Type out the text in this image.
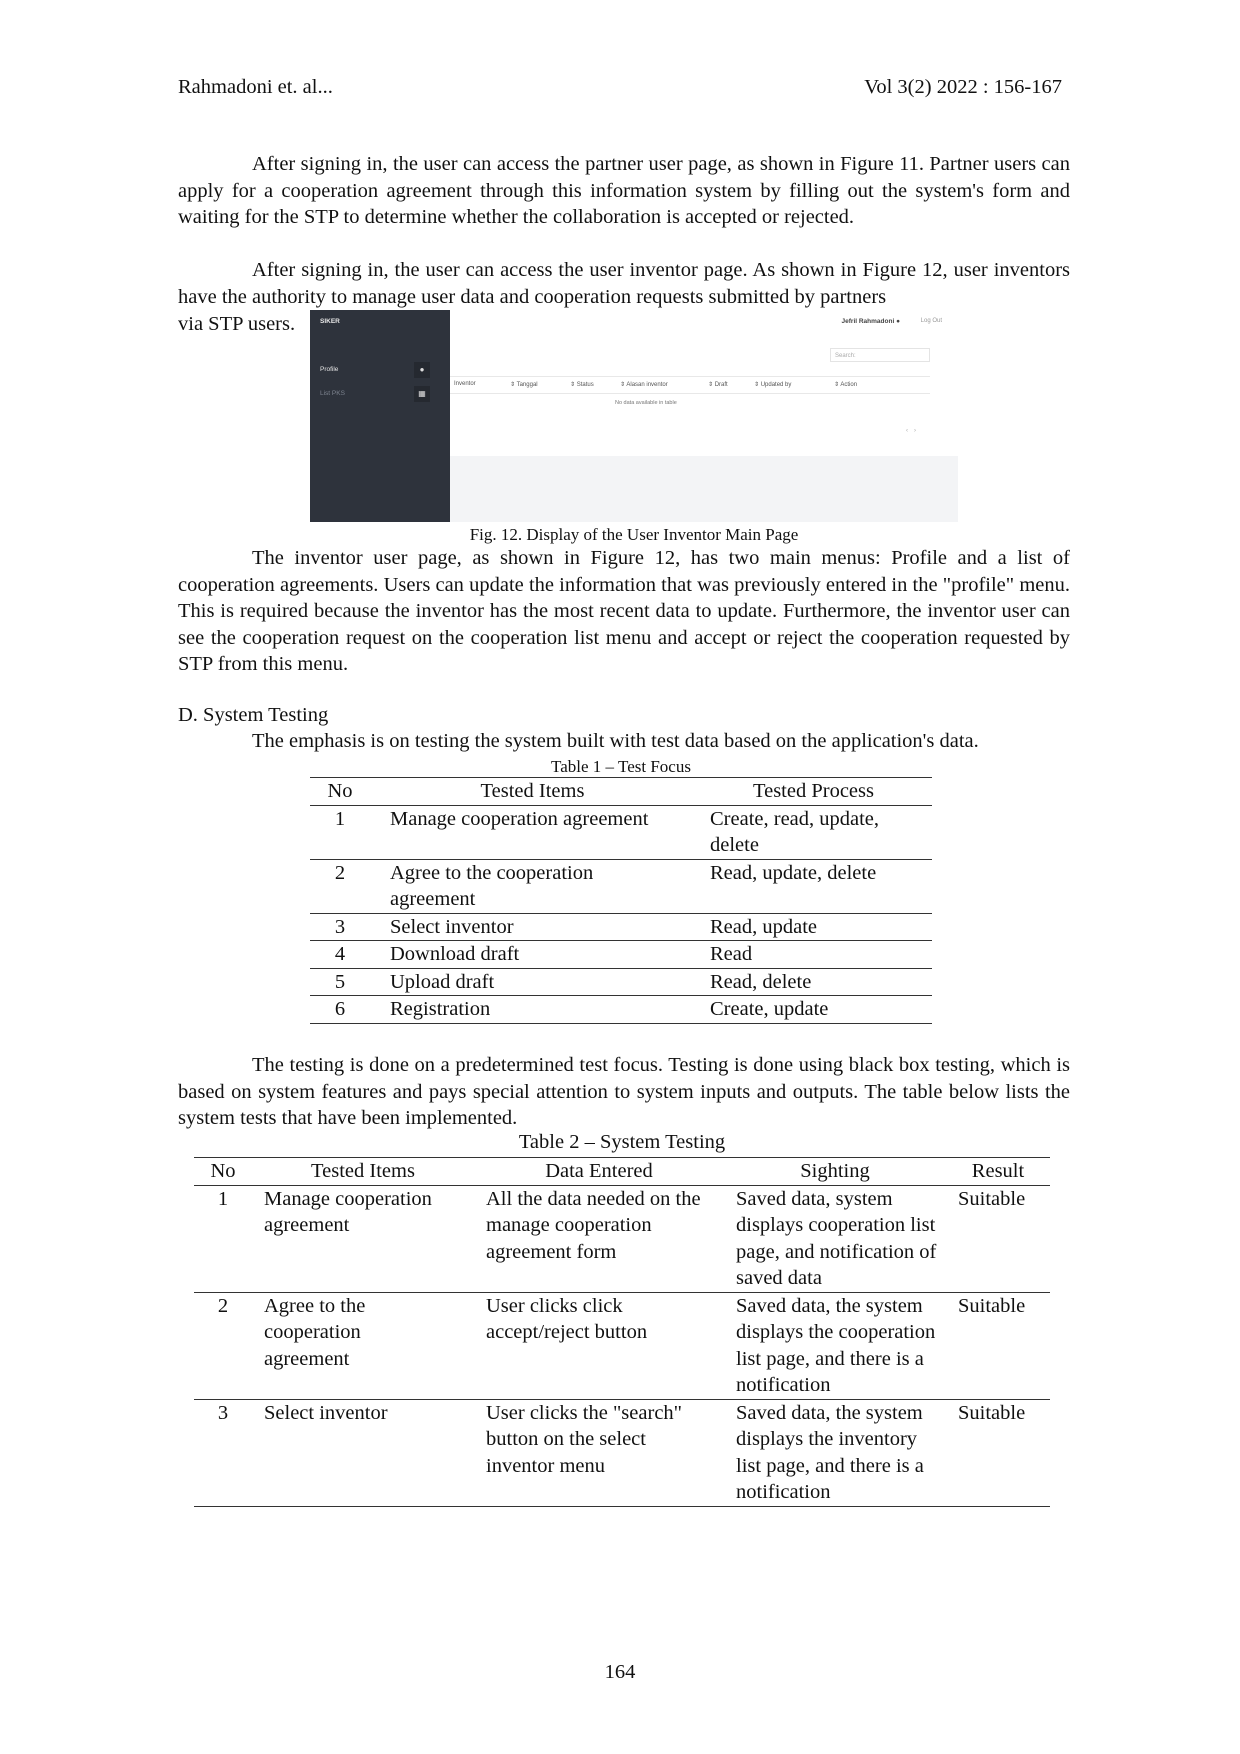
Rahmadoni et. al...	Vol 3(2) 2022 : 156-167
After signing in, the user can access the partner user page, as shown in Figure 11. Partner users can apply for a cooperation agreement through this information system by filling out the system's form and waiting for the STP to determine whether the collaboration is accepted or rejected.
After signing in, the user can access the user inventor page. As shown in Figure 12, user inventors have the authority to manage user data and cooperation requests submitted by partners
via STP users.	SIKER
Profile	●
List PKS	▦
Jefril Rahmadoni ●	Log Out
Search:
Inventor	⇕ Tanggal	⇕ Status	⇕ Alasan inventor	⇕ Draft	⇕ Updated by	⇕ Action
No data available in table
‹›
Fig. 12. Display of the User Inventor Main Page
The inventor user page, as shown in Figure 12, has two main menus: Profile and a list of cooperation agreements. Users can update the information that was previously entered in the "profile" menu. This is required because the inventor has the most recent data to update. Furthermore, the inventor user can see the cooperation request on the cooperation list menu and accept or reject the cooperation requested by STP from this menu.
D. System Testing
The emphasis is on testing the system built with test data based on the application's data.
Table 1 – Test Focus
No	Tested Items	Tested Process
1	Manage cooperation agreement	Create, read, update, delete
2	Agree to the cooperation agreement	Read, update, delete
3	Select inventor	Read, update
4	Download draft	Read
5	Upload draft	Read, delete
6	Registration	Create, update
The testing is done on a predetermined test focus. Testing is done using black box testing, which is based on system features and pays special attention to system inputs and outputs. The table below lists the system tests that have been implemented.
Table 2 – System Testing
No	Tested Items	Data Entered	Sighting	Result
1	Manage cooperation agreement	All the data needed on the manage cooperation agreement form	Saved data, system displays cooperation list page, and notification of saved data	Suitable
2	Agree to the cooperation agreement	User clicks click accept/reject button	Saved data, the system displays the cooperation list page, and there is a notification	Suitable
3	Select inventor	User clicks the "search" button on the select inventor menu	Saved data, the system displays the inventory list page, and there is a notification	Suitable
164
